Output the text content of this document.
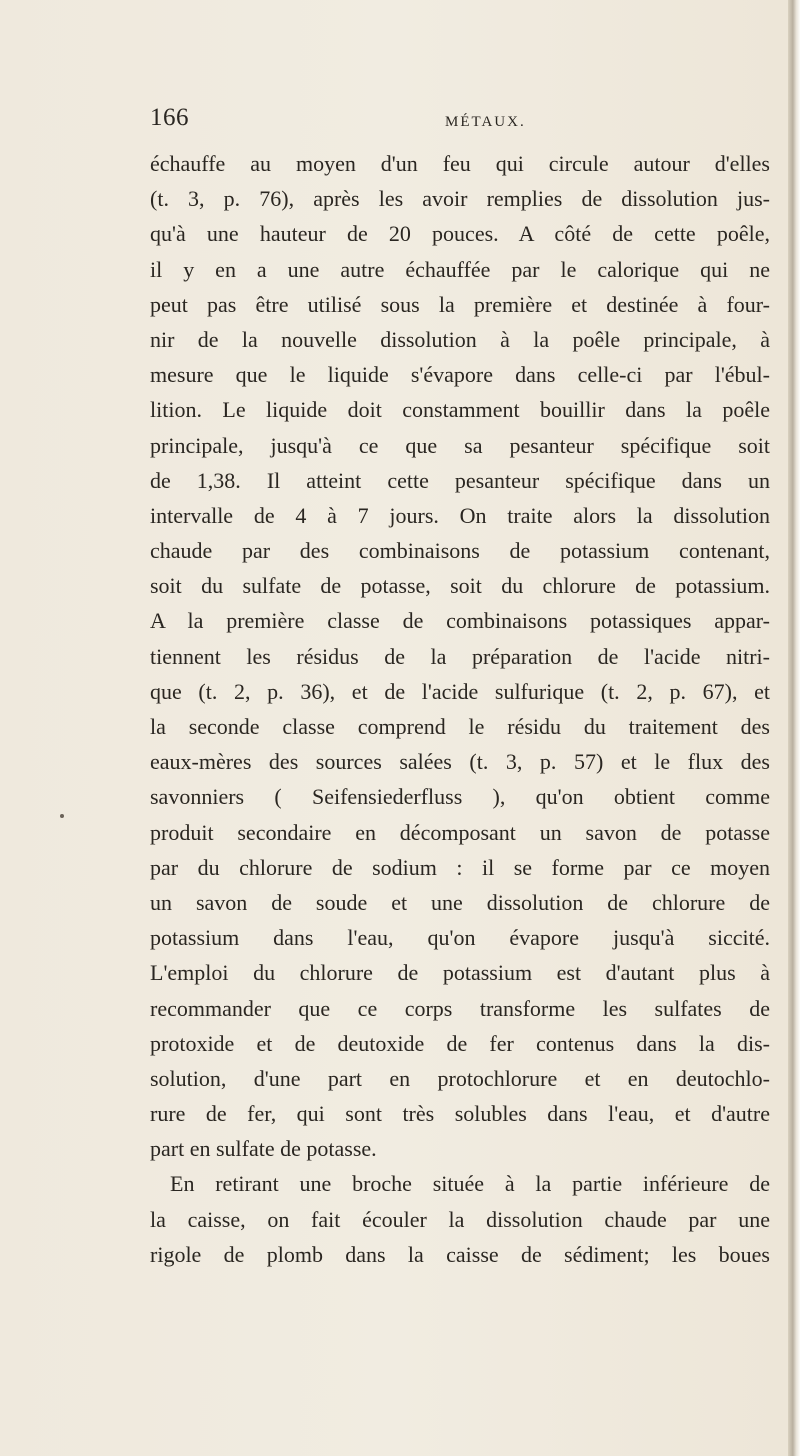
166	MÉTAUX.
échauffe au moyen d'un feu qui circule autour d'elles
(t. 3, p. 76), après les avoir remplies de dissolution jus-
qu'à une hauteur de 20 pouces. A côté de cette poêle,
il y en a une autre échauffée par le calorique qui ne
peut pas être utilisé sous la première et destinée à four-
nir de la nouvelle dissolution à la poêle principale, à
mesure que le liquide s'évapore dans celle-ci par l'ébul-
lition. Le liquide doit constamment bouillir dans la poêle
principale, jusqu'à ce que sa pesanteur spécifique soit
de 1,38. Il atteint cette pesanteur spécifique dans un
intervalle de 4 à 7 jours. On traite alors la dissolution
chaude par des combinaisons de potassium contenant,
soit du sulfate de potasse, soit du chlorure de potassium.
A la première classe de combinaisons potassiques appar-
tiennent les résidus de la préparation de l'acide nitri-
que (t. 2, p. 36), et de l'acide sulfurique (t. 2, p. 67), et
la seconde classe comprend le résidu du traitement des
eaux-mères des sources salées (t. 3, p. 57) et le flux des
savonniers ( Seifensiederfluss ), qu'on obtient comme
produit secondaire en décomposant un savon de potasse
par du chlorure de sodium : il se forme par ce moyen
un savon de soude et une dissolution de chlorure de
potassium dans l'eau, qu'on évapore jusqu'à siccité.
L'emploi du chlorure de potassium est d'autant plus à
recommander que ce corps transforme les sulfates de
protoxide et de deutoxide de fer contenus dans la dis-
solution, d'une part en protochlorure et en deutochlo-
rure de fer, qui sont très solubles dans l'eau, et d'autre
part en sulfate de potasse.
En retirant une broche située à la partie inférieure de
la caisse, on fait écouler la dissolution chaude par une
rigole de plomb dans la caisse de sédiment; les boues
